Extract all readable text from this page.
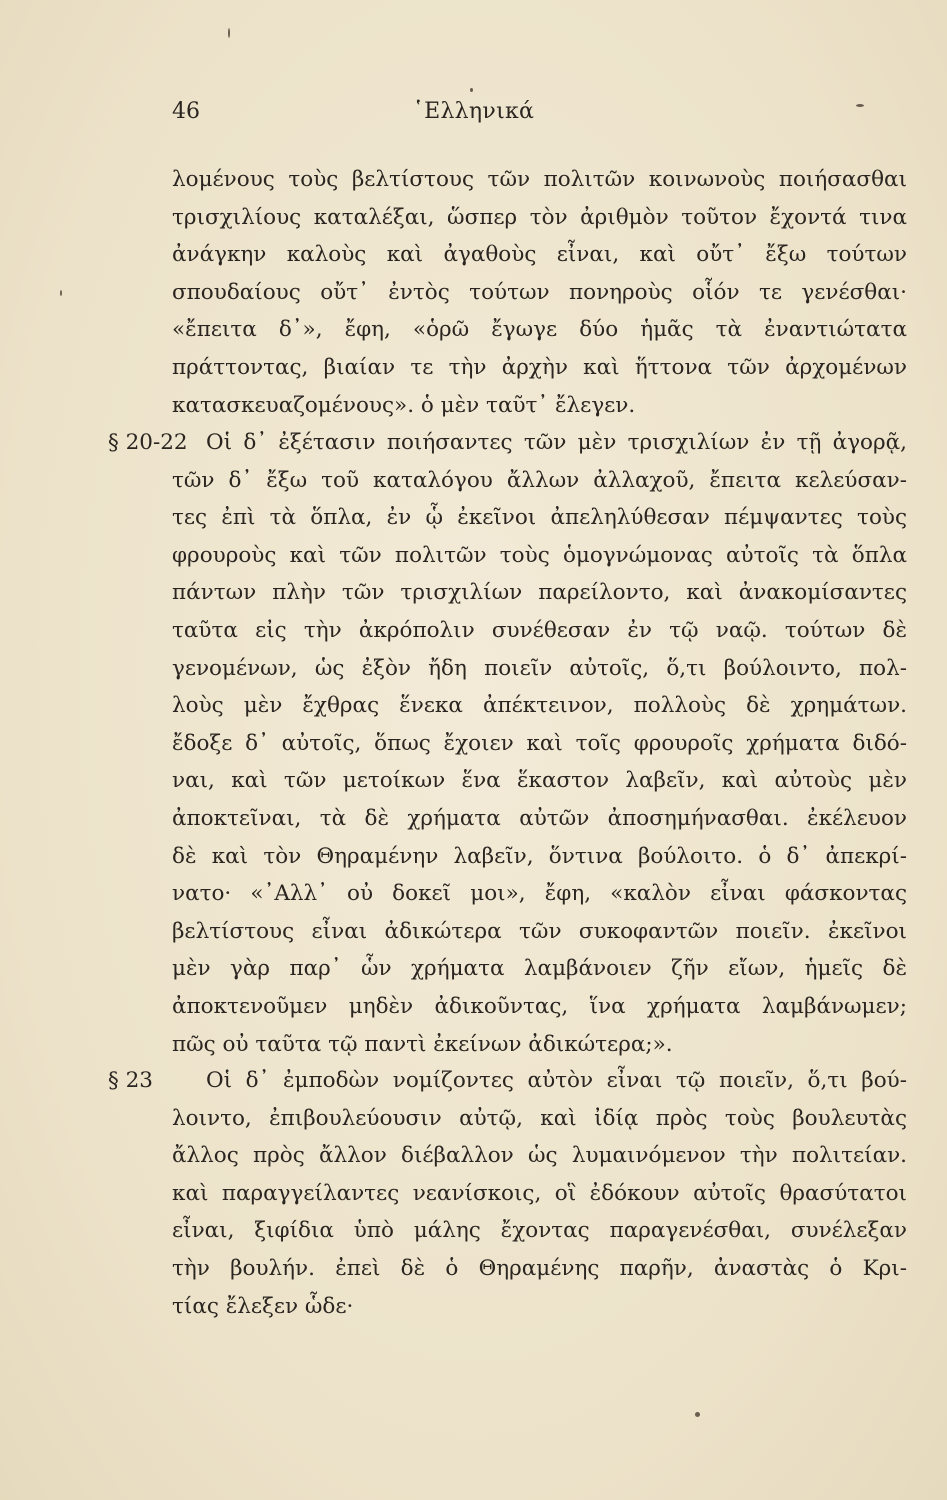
46	῾Ελληνικά
λομένους τοὺς βελτίστους τῶν πολιτῶν κοινωνοὺς ποιήσασθαι
τρισχιλίους καταλέξαι, ὥσπερ τὸν ἀριθμὸν τοῦτον ἔχοντά τινα
ἀνάγκην καλοὺς καὶ ἀγαθοὺς εἶναι, καὶ οὔτ᾽ ἔξω τούτων
σπουδαίους οὔτ᾽ ἐντὸς τούτων πονηροὺς οἷόν τε γενέσθαι·
«ἔπειτα δ᾽», ἔφη, «ὁρῶ ἔγωγε δύο ἡμᾶς τὰ ἐναντιώτατα
πράττοντας, βιαίαν τε τὴν ἀρχὴν καὶ ἥττονα τῶν ἀρχομένων
κατασκευαζομένους». ὁ μὲν ταῦτ᾽ ἔλεγεν.
§ 20-22 Οἱ δ᾽ ἐξέτασιν ποιήσαντες τῶν μὲν τρισχιλίων ἐν τῇ ἀγορᾷ,
τῶν δ᾽ ἔξω τοῦ καταλόγου ἄλλων ἀλλαχοῦ, ἔπειτα κελεύσαν-
τες ἐπὶ τὰ ὅπλα, ἐν ᾧ ἐκεῖνοι ἀπεληλύθεσαν πέμψαντες τοὺς
φρουροὺς καὶ τῶν πολιτῶν τοὺς ὁμογνώμονας αὐτοῖς τὰ ὅπλα
πάντων πλὴν τῶν τρισχιλίων παρείλοντο, καὶ ἀνακομίσαντες
ταῦτα εἰς τὴν ἀκρόπολιν συνέθεσαν ἐν τῷ ναῷ. τούτων δὲ
γενομένων, ὡς ἐξὸν ἤδη ποιεῖν αὐτοῖς, ὅ,τι βούλοιντο, πολ-
λοὺς μὲν ἔχθρας ἕνεκα ἀπέκτεινον, πολλοὺς δὲ χρημάτων.
ἔδοξε δ᾽ αὐτοῖς, ὅπως ἔχοιεν καὶ τοῖς φρουροῖς χρήματα διδό-
ναι, καὶ τῶν μετοίκων ἕνα ἕκαστον λαβεῖν, καὶ αὐτοὺς μὲν
ἀποκτεῖναι, τὰ δὲ χρήματα αὐτῶν ἀποσημήνασθαι. ἐκέλευον
δὲ καὶ τὸν Θηραμένην λαβεῖν, ὅντινα βούλοιτο. ὁ δ᾽ ἀπεκρί-
νατο· «᾽Αλλ᾽ οὐ δοκεῖ μοι», ἔφη, «καλὸν εἶναι φάσκοντας
βελτίστους εἶναι ἀδικώτερα τῶν συκοφαντῶν ποιεῖν. ἐκεῖνοι
μὲν γὰρ παρ᾽ ὧν χρήματα λαμβάνοιεν ζῆν εἴων, ἡμεῖς δὲ
ἀποκτενοῦμεν μηδὲν ἀδικοῦντας, ἵνα χρήματα λαμβάνωμεν;
πῶς οὐ ταῦτα τῷ παντὶ ἐκείνων ἀδικώτερα;».
§ 23	Οἱ δ᾽ ἐμποδὼν νομίζοντες αὐτὸν εἶναι τῷ ποιεῖν, ὅ,τι βού-
λοιντο, ἐπιβουλεύουσιν αὐτῷ, καὶ ἰδίᾳ πρὸς τοὺς βουλευτὰς
ἄλλος πρὸς ἄλλον διέβαλλον ὡς λυμαινόμενον τὴν πολιτείαν.
καὶ παραγγείλαντες νεανίσκοις, οἳ ἐδόκουν αὐτοῖς θρασύτατοι
εἶναι, ξιφίδια ὑπὸ μάλης ἔχοντας παραγενέσθαι, συνέλεξαν
τὴν βουλήν. ἐπεὶ δὲ ὁ Θηραμένης παρῆν, ἀναστὰς ὁ Κρι-
τίας ἔλεξεν ὧδε·
